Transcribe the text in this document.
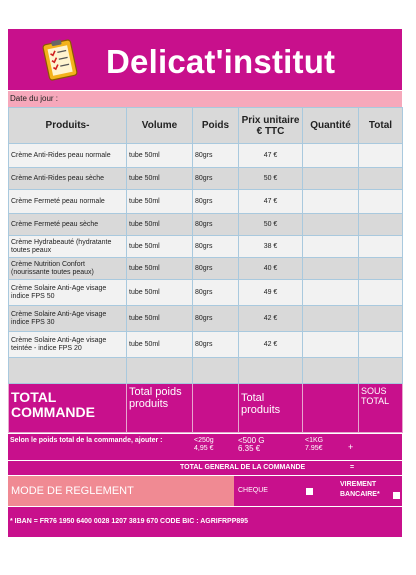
Delicat'institut
Date du jour :
Produits-	Volume	Poids	Prix unitaire € TTC	Quantité	Total
Crème Anti-Rides peau normale	tube 50ml	80grs	47 €		
Crème Anti-Rides peau sèche	tube 50ml	80grs	50 €		
Crème Fermeté peau normale	tube 50ml	80grs	47 €		
Crème Fermeté peau sèche	tube 50ml	80grs	50 €		
Crème Hydrabeauté (hydratante toutes peaux	tube 50ml	80grs	38 €		
Crème Nutrition Confort (nourissante toutes peaux)	tube 50ml	80grs	40 €		
Crème Solaire Anti-Age visage indice FPS 50	tube 50ml	80grs	49 €		
Crème Solaire Anti-Age visage indice FPS 30	tube 50ml	80grs	42 €		
Crème Solaire Anti-Age visage teintée - indice FPS 20	tube 50ml	80grs	42 €		

TOTAL COMMANDE	Total poids produits		Total produits		SOUS TOTAL
Selon le poids total de la commande, ajouter :	<250g
4,95 €
<500 G
6.35 €
<1KG
7.95€	+
TOTAL GENERAL DE LA COMMANDE	=
MODE DE REGLEMENT	CHEQUE
VIREMENT BANCAIRE*
* IBAN = FR76 1950 6400 0028 1207 3819 670 CODE BIC : AGRIFRPP895
